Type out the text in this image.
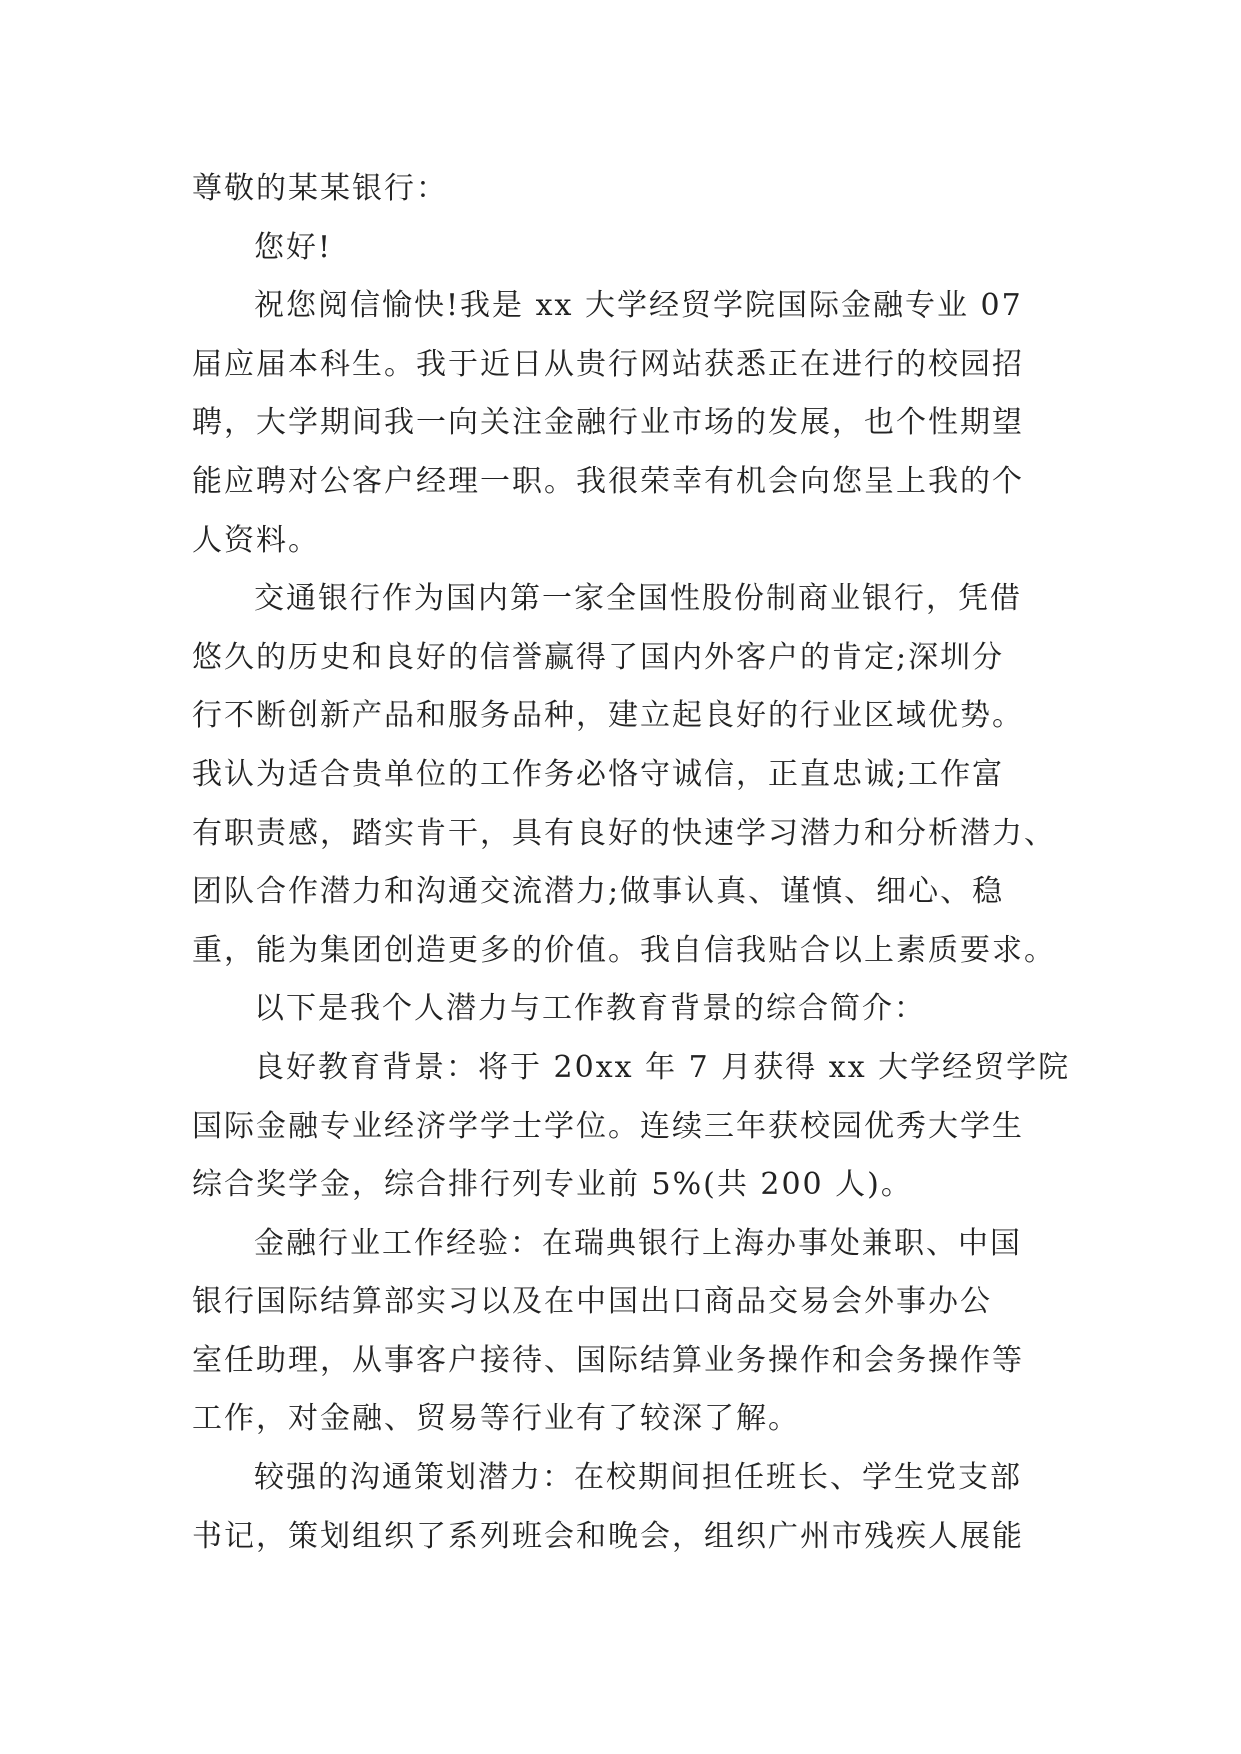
尊敬的某某银行：
您好!
祝您阅信愉快!我是 xx 大学经贸学院国际金融专业 07
届应届本科生。我于近日从贵行网站获悉正在进行的校园招
聘，大学期间我一向关注金融行业市场的发展，也个性期望
能应聘对公客户经理一职。我很荣幸有机会向您呈上我的个
人资料。
交通银行作为国内第一家全国性股份制商业银行，凭借
悠久的历史和良好的信誉赢得了国内外客户的肯定;深圳分
行不断创新产品和服务品种，建立起良好的行业区域优势。
我认为适合贵单位的工作务必恪守诚信，正直忠诚;工作富
有职责感，踏实肯干，具有良好的快速学习潜力和分析潜力、
团队合作潜力和沟通交流潜力;做事认真、谨慎、细心、稳
重，能为集团创造更多的价值。我自信我贴合以上素质要求。
以下是我个人潜力与工作教育背景的综合简介：
良好教育背景：将于 20xx 年 7 月获得 xx 大学经贸学院
国际金融专业经济学学士学位。连续三年获校园优秀大学生
综合奖学金，综合排行列专业前 5%(共 200 人)。
金融行业工作经验：在瑞典银行上海办事处兼职、中国
银行国际结算部实习以及在中国出口商品交易会外事办公
室任助理，从事客户接待、国际结算业务操作和会务操作等
工作，对金融、贸易等行业有了较深了解。
较强的沟通策划潜力：在校期间担任班长、学生党支部
书记，策划组织了系列班会和晚会，组织广州市残疾人展能
